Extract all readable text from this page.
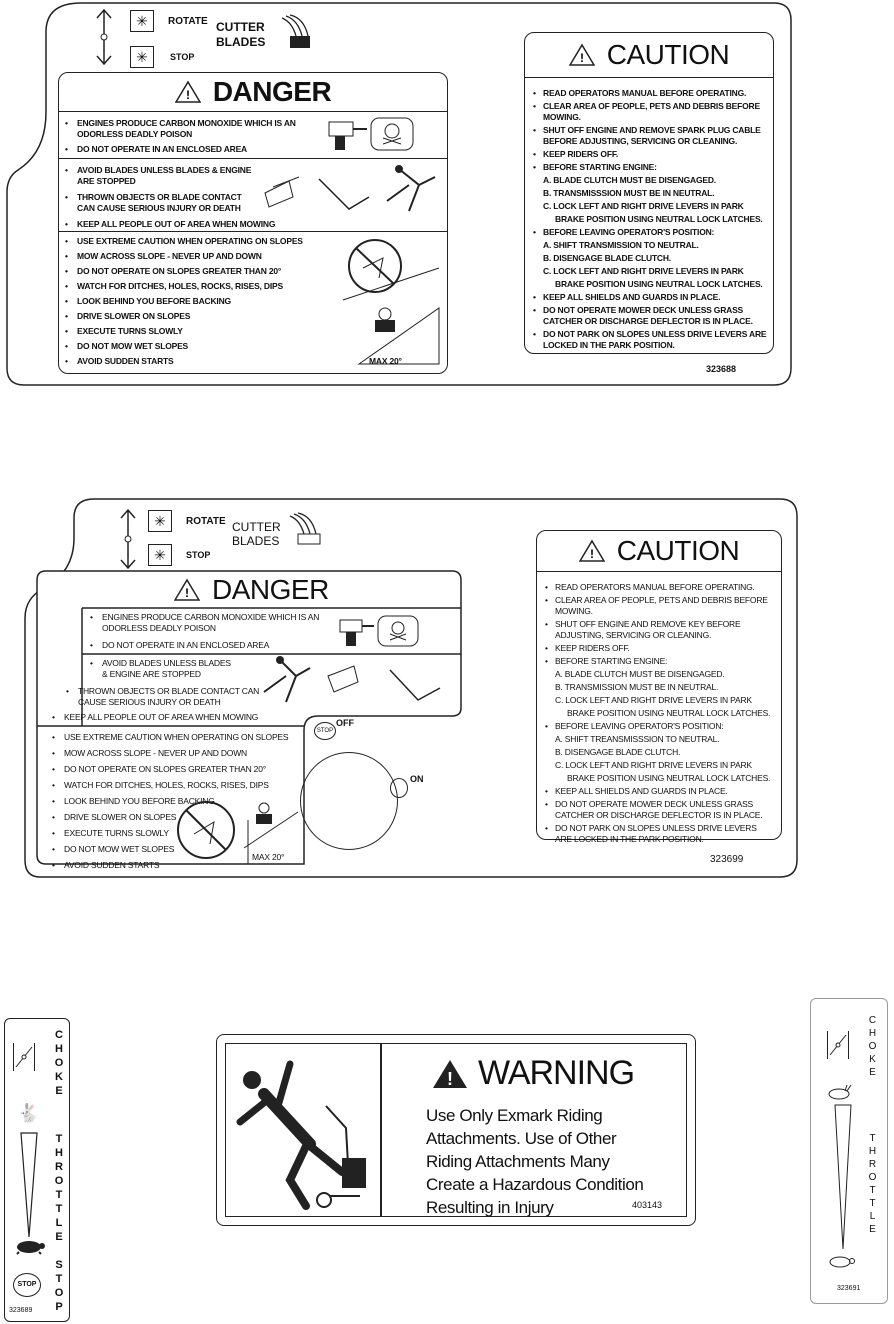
✳	ROTATE
✳	STOP
CUTTER
BLADES
! DANGER
• ENGINES PRODUCE CARBON MONOXIDE WHICH IS AN ODORLESS DEADLY POISON
• DO NOT OPERATE IN AN ENCLOSED AREA
• AVOID BLADES UNLESS BLADES & ENGINE ARE STOPPED
• THROWN OBJECTS OR BLADE CONTACT CAN CAUSE SERIOUS INJURY OR DEATH
• KEEP ALL PEOPLE OUT OF AREA WHEN MOWING
• USE EXTREME CAUTION WHEN OPERATING ON SLOPES
• MOW ACROSS SLOPE - NEVER UP AND DOWN
• DO NOT OPERATE ON SLOPES GREATER THAN 20°
• WATCH FOR DITCHES, HOLES, ROCKS, RISES, DIPS
• LOOK BEHIND YOU BEFORE BACKING
• DRIVE SLOWER ON SLOPES
• EXECUTE TURNS SLOWLY
• DO NOT MOW WET SLOPES
• AVOID SUDDEN STARTS	MAX 20°
! CAUTION
• READ OPERATORS MANUAL BEFORE OPERATING.
• CLEAR AREA OF PEOPLE, PETS AND DEBRIS BEFORE MOWING.
• SHUT OFF ENGINE AND REMOVE SPARK PLUG CABLE BEFORE ADJUSTING, SERVICING OR CLEANING.
• KEEP RIDERS OFF.
• BEFORE STARTING ENGINE:
A. BLADE CLUTCH MUST BE DISENGAGED.
B. TRANSMISSSION MUST BE IN NEUTRAL.
C. LOCK LEFT AND RIGHT DRIVE LEVERS IN PARK
BRAKE POSITION USING NEUTRAL LOCK LATCHES.
• BEFORE LEAVING OPERATOR'S POSITION:
A. SHIFT TRANSMISSION TO NEUTRAL.
B. DISENGAGE BLADE CLUTCH.
C. LOCK LEFT AND RIGHT DRIVE LEVERS IN PARK
BRAKE POSITION USING NEUTRAL LOCK LATCHES.
• KEEP ALL SHIELDS AND GUARDS IN PLACE.
• DO NOT OPERATE MOWER DECK UNLESS GRASS CATCHER OR DISCHARGE DEFLECTOR IS IN PLACE.
• DO NOT PARK ON SLOPES UNLESS DRIVE LEVERS ARE LOCKED IN THE PARK POSITION.
323688
✳	ROTATE
✳	STOP
CUTTER
BLADES
! DANGER
• ENGINES PRODUCE CARBON MONOXIDE WHICH IS AN ODORLESS DEADLY POISON
• DO NOT OPERATE IN AN ENCLOSED AREA
• AVOID BLADES UNLESS BLADES & ENGINE ARE STOPPED
• THROWN OBJECTS OR BLADE CONTACT CAN CAUSE SERIOUS INJURY OR DEATH
• KEEP ALL PEOPLE OUT OF AREA WHEN MOWING
• USE EXTREME CAUTION WHEN OPERATING ON SLOPES
• MOW ACROSS SLOPE - NEVER UP AND DOWN
• DO NOT OPERATE ON SLOPES GREATER THAN 20°
• WATCH FOR DITCHES, HOLES, ROCKS, RISES, DIPS
• LOOK BEHIND YOU BEFORE BACKING
• DRIVE SLOWER ON SLOPES
• EXECUTE TURNS SLOWLY
• DO NOT MOW WET SLOPES
• AVOID SUDDEN STARTS
MAX 20°
STOP
OFF
ON
! CAUTION
• READ OPERATORS MANUAL BEFORE OPERATING.
• CLEAR AREA OF PEOPLE, PETS AND DEBRIS BEFORE MOWING.
• SHUT OFF ENGINE AND REMOVE KEY BEFORE ADJUSTING, SERVICING OR CLEANING.
• KEEP RIDERS OFF.
• BEFORE STARTING ENGINE:
A. BLADE CLUTCH MUST BE DISENGAGED.
B. TRANSMISSION MUST BE IN NEUTRAL.
C. LOCK LEFT AND RIGHT DRIVE LEVERS IN PARK
BRAKE POSITION USING NEUTRAL LOCK LATCHES.
• BEFORE LEAVING OPERATOR'S POSITION:
A. SHIFT TREANSMISSSION TO NEUTRAL.
B. DISENGAGE BLADE CLUTCH.
C. LOCK LEFT AND RIGHT DRIVE LEVERS IN PARK
BRAKE POSITION USING NEUTRAL LOCK LATCHES.
• KEEP ALL SHIELDS AND GUARDS IN PLACE.
• DO NOT OPERATE MOWER DECK UNLESS GRASS CATCHER OR DISCHARGE DEFLECTOR IS IN PLACE.
• DO NOT PARK ON SLOPES UNLESS DRIVE LEVERS ARE LOCKED IN THE PARK POSITION.
323699
CHOKE
🐇
THROTTLE
STOP	STOP
323689
! WARNING
Use Only Exmark Riding
Attachments. Use of Other
Riding Attachments Many
Create a Hazardous Condition
Resulting in Injury	403143
CHOKE
THROTTLE
323691
